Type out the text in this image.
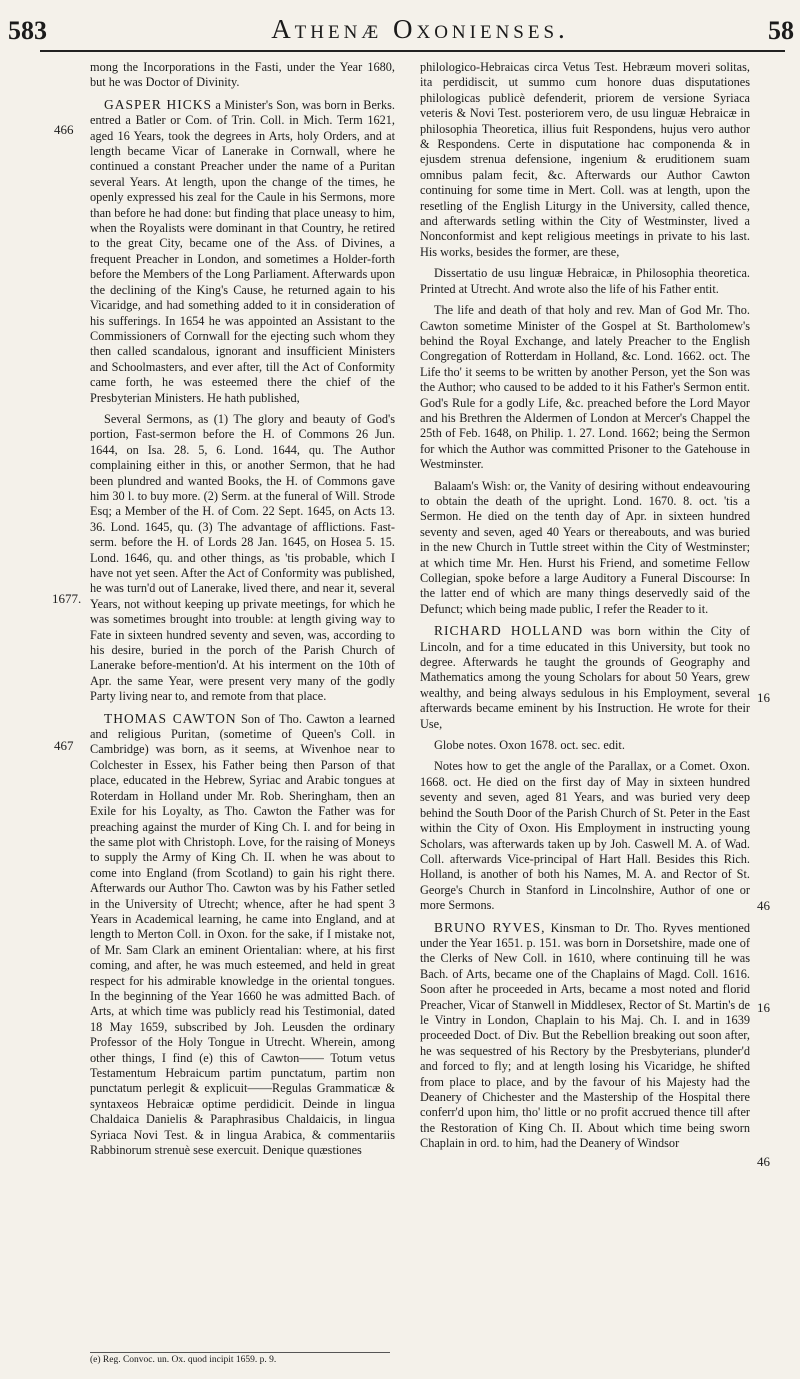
583	Athenæ Oxonienses.	58
466
1677.
467
16
46
16
46

mong the Incorporations in the Fasti, under the Year 1680, but he was Doctor of Divinity.

GASPER HICKS a Minister's Son, was born in Berks. entred a Batler or Com. of Trin. Coll. in Mich. Term 1621, aged 16 Years, took the degrees in Arts, holy Orders, and at length became Vicar of Lanerake in Cornwall, where he continued a constant Preacher under the name of a Puritan several Years. At length, upon the change of the times, he openly expressed his zeal for the Caule in his Sermons, more than before he had done: but finding that place uneasy to him, when the Royalists were dominant in that Country, he retired to the great City, became one of the Ass. of Divines, a frequent Preacher in London, and sometimes a Holder-forth before the Members of the Long Parliament. Afterwards upon the declining of the King's Cause, he returned again to his Vicaridge, and had something added to it in consideration of his sufferings. In 1654 he was appointed an Assistant to the Commissioners of Cornwall for the ejecting such whom they then called scandalous, ignorant and insufficient Ministers and Schoolmasters, and ever after, till the Act of Conformity came forth, he was esteemed there the chief of the Presbyterian Ministers. He hath published,

Several Sermons, as (1) The glory and beauty of God's portion, Fast-sermon before the H. of Commons 26 Jun. 1644, on Isa. 28. 5, 6. Lond. 1644, qu. The Author complaining either in this, or another Sermon, that he had been plundred and wanted Books, the H. of Commons gave him 30 l. to buy more. (2) Serm. at the funeral of Will. Strode Esq; a Member of the H. of Com. 22 Sept. 1645, on Acts 13. 36. Lond. 1645, qu. (3) The advantage of afflictions. Fast-serm. before the H. of Lords 28 Jan. 1645, on Hosea 5. 15. Lond. 1646, qu. and other things, as 'tis probable, which I have not yet seen. After the Act of Conformity was published, he was turn'd out of Lanerake, lived there, and near it, several Years, not without keeping up private meetings, for which he was sometimes brought into trouble: at length giving way to Fate in sixteen hundred seventy and seven, was, according to his desire, buried in the porch of the Parish Church of Lanerake before-mention'd. At his interment on the 10th of Apr. the same Year, were present very many of the godly Party living near to, and remote from that place.

THOMAS CAWTON Son of Tho. Cawton a learned and religious Puritan, (sometime of Queen's Coll. in Cambridge) was born, as it seems, at Wivenhoe near to Colchester in Essex, his Father being then Parson of that place, educated in the Hebrew, Syriac and Arabic tongues at Roterdam in Holland under Mr. Rob. Sheringham, then an Exile for his Loyalty, as Tho. Cawton the Father was for preaching against the murder of King Ch. I. and for being in the same plot with Christoph. Love, for the raising of Moneys to supply the Army of King Ch. II. when he was about to come into England (from Scotland) to gain his right there. Afterwards our Author Tho. Cawton was by his Father setled in the University of Utrecht; whence, after he had spent 3 Years in Academical learning, he came into England, and at length to Merton Coll. in Oxon. for the sake, if I mistake not, of Mr. Sam Clark an eminent Orientalian: where, at his first coming, and after, he was much esteemed, and held in great respect for his admirable knowledge in the oriental tongues. In the beginning of the Year 1660 he was admitted Bach. of Arts, at which time was publicly read his Testimonial, dated 18 May 1659, subscribed by Joh. Leusden the ordinary Professor of the Holy Tongue in Utrecht. Wherein, among other things, I find (e) this of Cawton—— Totum vetus Testamentum Hebraicum partim punctatum, partim non punctatum perlegit & explicuit——Regulas Grammaticæ & syntaxeos Hebraicæ optime perdidicit. Deinde in lingua Chaldaica Danielis & Paraphrasibus Chaldaicis, in lingua Syriaca Novi Test. & in lingua Arabica, & commentariis Rabbinorum strenuè sese exercuit. Denique quæstiones

(e) Reg. Convoc. un. Ox. quod incipit 1659. p. 9.

philologico-Hebraicas circa Vetus Test. Hebræum moveri solitas, ita perdidiscit, ut summo cum honore duas disputationes philologicas publicè defenderit, priorem de versione Syriaca veteris & Novi Test. posteriorem vero, de usu linguæ Hebraicæ in philosophia Theoretica, illius fuit Respondens, hujus vero author & Respondens. Certe in disputatione hac componenda & in ejusdem strenua defensione, ingenium & eruditionem suam omnibus palam fecit, &c. Afterwards our Author Cawton continuing for some time in Mert. Coll. was at length, upon the resetling of the English Liturgy in the University, called thence, and afterwards setling within the City of Westminster, lived a Nonconformist and kept religious meetings in private to his last. His works, besides the former, are these,

Dissertatio de usu linguæ Hebraicæ, in Philosophia theoretica. Printed at Utrecht. And wrote also the life of his Father entit.

The life and death of that holy and rev. Man of God Mr. Tho. Cawton sometime Minister of the Gospel at St. Bartholomew's behind the Royal Exchange, and lately Preacher to the English Congregation of Rotterdam in Holland, &c. Lond. 1662. oct. The Life tho' it seems to be written by another Person, yet the Son was the Author; who caused to be added to it his Father's Sermon entit. God's Rule for a godly Life, &c. preached before the Lord Mayor and his Brethren the Aldermen of London at Mercer's Chappel the 25th of Feb. 1648, on Philip. 1. 27. Lond. 1662; being the Sermon for which the Author was committed Prisoner to the Gatehouse in Westminster.

Balaam's Wish: or, the Vanity of desiring without endeavouring to obtain the death of the upright. Lond. 1670. 8. oct. 'tis a Sermon. He died on the tenth day of Apr. in sixteen hundred seventy and seven, aged 40 Years or thereabouts, and was buried in the new Church in Tuttle street within the City of Westminster; at which time Mr. Hen. Hurst his Friend, and sometime Fellow Collegian, spoke before a large Auditory a Funeral Discourse: In the latter end of which are many things deservedly said of the Defunct; which being made public, I refer the Reader to it.

RICHARD HOLLAND was born within the City of Lincoln, and for a time educated in this University, but took no degree. Afterwards he taught the grounds of Geography and Mathematics among the young Scholars for about 50 Years, grew wealthy, and being always sedulous in his Employment, several afterwards became eminent by his Instruction. He wrote for their Use,

Globe notes. Oxon 1678. oct. sec. edit.

Notes how to get the angle of the Parallax, or a Comet. Oxon. 1668. oct. He died on the first day of May in sixteen hundred seventy and seven, aged 81 Years, and was buried very deep behind the South Door of the Parish Church of St. Peter in the East within the City of Oxon. His Employment in instructing young Scholars, was afterwards taken up by Joh. Caswell M. A. of Wad. Coll. afterwards Vice-principal of Hart Hall. Besides this Rich. Holland, is another of both his Names, M. A. and Rector of St. George's Church in Stanford in Lincolnshire, Author of one or more Sermons.

BRUNO RYVES, Kinsman to Dr. Tho. Ryves mentioned under the Year 1651. p. 151. was born in Dorsetshire, made one of the Clerks of New Coll. in 1610, where continuing till he was Bach. of Arts, became one of the Chaplains of Magd. Coll. 1616. Soon after he proceeded in Arts, became a most noted and florid Preacher, Vicar of Stanwell in Middlesex, Rector of St. Martin's de le Vintry in London, Chaplain to his Maj. Ch. I. and in 1639 proceeded Doct. of Div. But the Rebellion breaking out soon after, he was sequestred of his Rectory by the Presbyterians, plunder'd and forced to fly; and at length losing his Vicaridge, he shifted from place to place, and by the favour of his Majesty had the Deanery of Chichester and the Mastership of the Hospital there conferr'd upon him, tho' little or no profit accrued thence till after the Restoration of King Ch. II. About which time being sworn Chaplain in ord. to him, had the Deanery of Windsor
